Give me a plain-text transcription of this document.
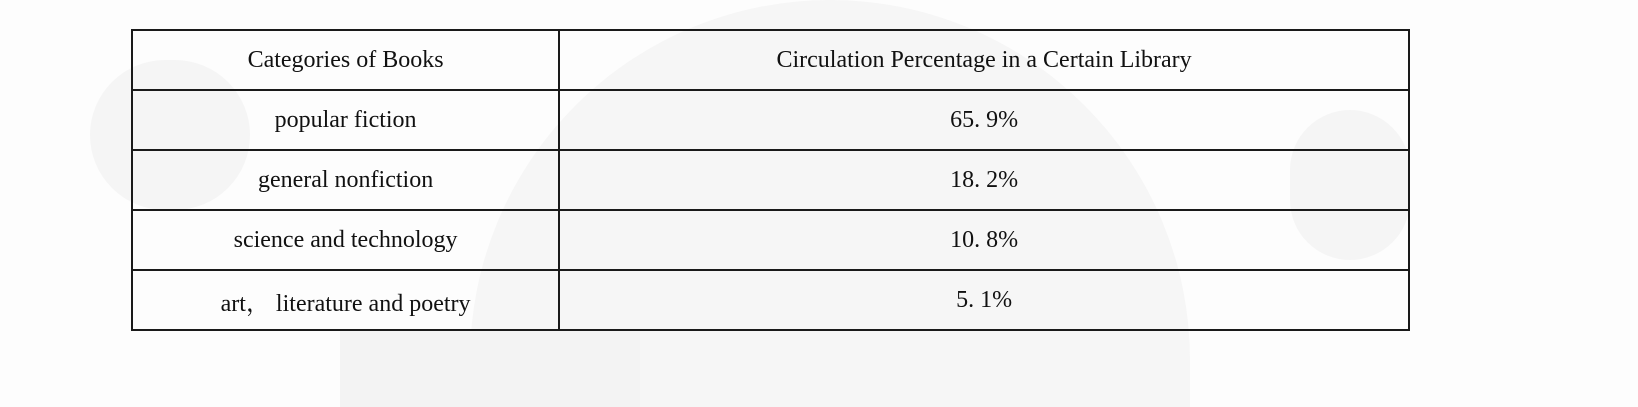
Categories of Books	Circulation Percentage in a Certain Library
popular fiction	65. 9%
general nonfiction	18. 2%
science and technology	10. 8%
art， literature and poetry	5. 1%
